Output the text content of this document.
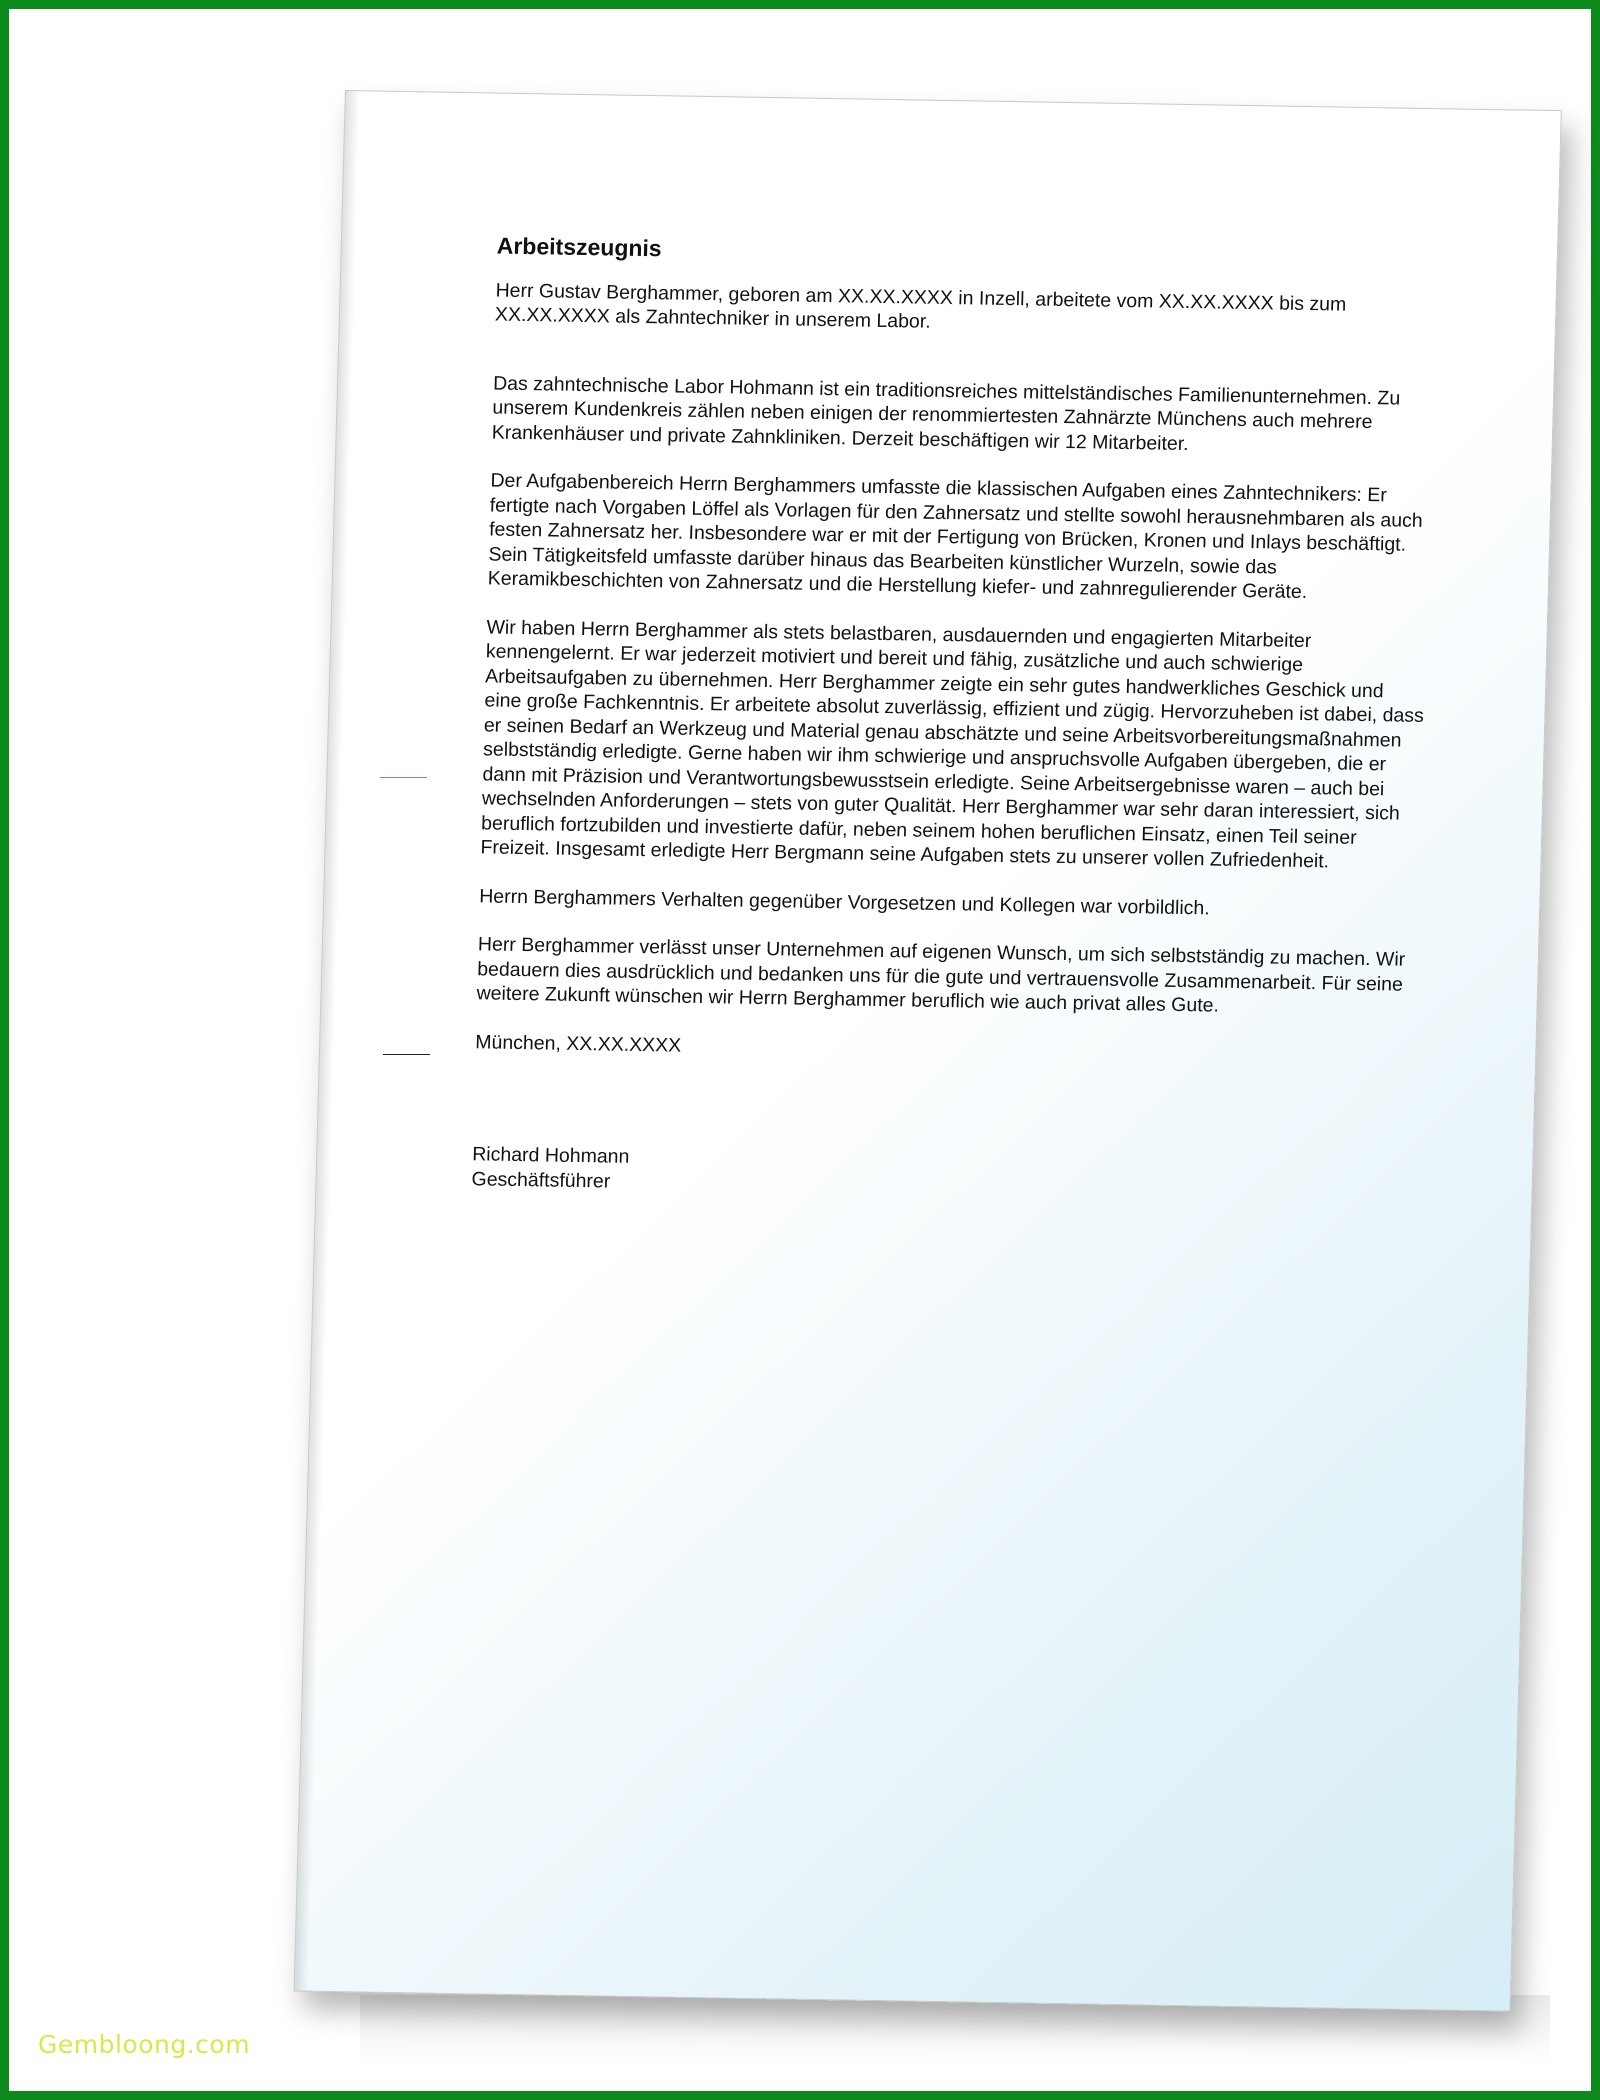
Arbeitszeugnis

Herr Gustav Berghammer, geboren am XX.XX.XXXX in Inzell, arbeitete vom XX.XX.XXXX bis zum XX.XX.XXXX als Zahntechniker in unserem Labor.

Das zahntechnische Labor Hohmann ist ein traditionsreiches mittelständisches Familienunternehmen. Zu unserem Kundenkreis zählen neben einigen der renommiertesten Zahnärzte Münchens auch mehrere Krankenhäuser und private Zahnkliniken. Derzeit beschäftigen wir 12 Mitarbeiter.

Der Aufgabenbereich Herrn Berghammers umfasste die klassischen Aufgaben eines Zahntechnikers: Er fertigte nach Vorgaben Löffel als Vorlagen für den Zahnersatz und stellte sowohl herausnehmbaren als auch festen Zahnersatz her. Insbesondere war er mit der Fertigung von Brücken, Kronen und Inlays beschäftigt. Sein Tätigkeitsfeld umfasste darüber hinaus das Bearbeiten künstlicher Wurzeln, sowie das Keramikbeschichten von Zahnersatz und die Herstellung kiefer- und zahnregulierender Geräte.

Wir haben Herrn Berghammer als stets belastbaren, ausdauernden und engagierten Mitarbeiter kennengelernt. Er war jederzeit motiviert und bereit und fähig, zusätzliche und auch schwierige Arbeitsaufgaben zu übernehmen. Herr Berghammer zeigte ein sehr gutes handwerkliches Geschick und eine große Fachkenntnis. Er arbeitete absolut zuverlässig, effizient und zügig. Hervorzuheben ist dabei, dass er seinen Bedarf an Werkzeug und Material genau abschätzte und seine Arbeitsvorbereitungsmaßnahmen selbstständig erledigte. Gerne haben wir ihm schwierige und anspruchsvolle Aufgaben übergeben, die er dann mit Präzision und Verantwortungsbewusstsein erledigte. Seine Arbeitsergebnisse waren – auch bei wechselnden Anforderungen – stets von guter Qualität. Herr Berghammer war sehr daran interessiert, sich beruflich fortzubilden und investierte dafür, neben seinem hohen beruflichen Einsatz, einen Teil seiner Freizeit. Insgesamt erledigte Herr Bergmann seine Aufgaben stets zu unserer vollen Zufriedenheit.

Herrn Berghammers Verhalten gegenüber Vorgesetzen und Kollegen war vorbildlich.

Herr Berghammer verlässt unser Unternehmen auf eigenen Wunsch, um sich selbstständig zu machen. Wir bedauern dies ausdrücklich und bedanken uns für die gute und vertrauensvolle Zusammenarbeit. Für seine weitere Zukunft wünschen wir Herrn Berghammer beruflich wie auch privat alles Gute.

München, XX.XX.XXXX

Richard Hohmann

Geschäftsführer

Gembloong.com
